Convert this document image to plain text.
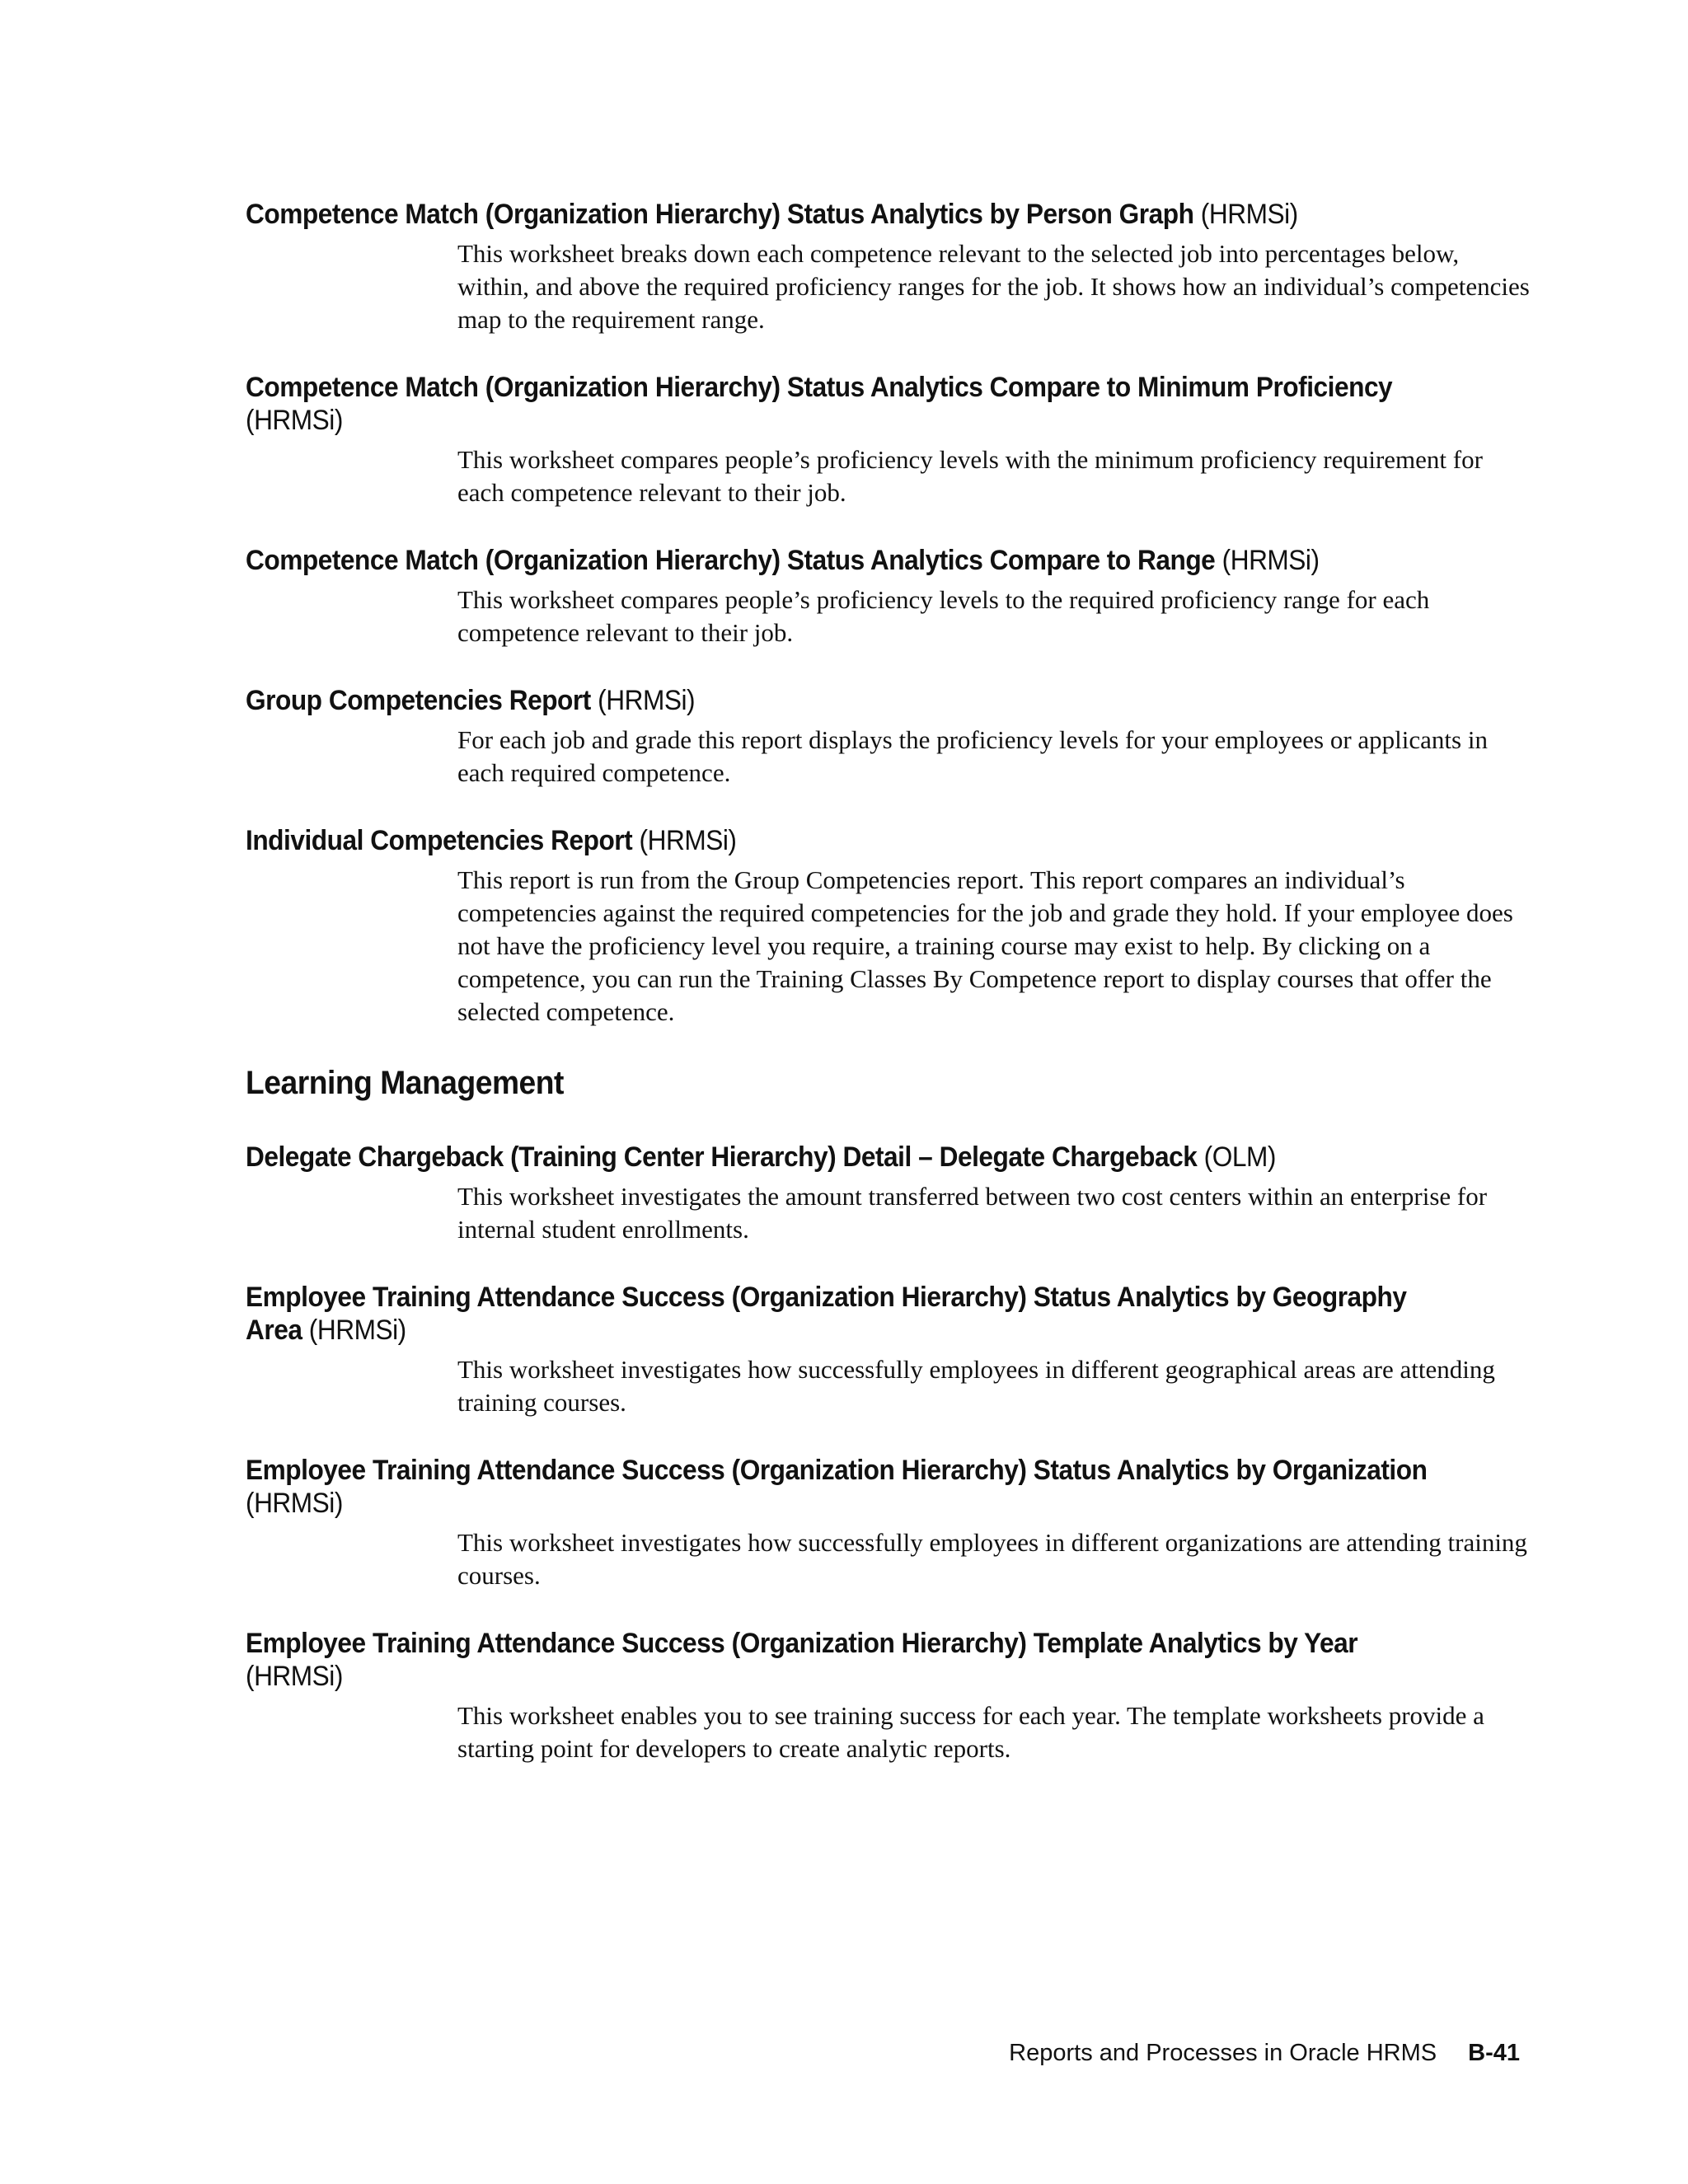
Competence Match (Organization Hierarchy) Status Analytics by Person Graph (HRMSi)
This worksheet breaks down each competence relevant to the selected job into percentages below, within, and above the required proficiency ranges for the job. It shows how an individual’s competencies map to the requirement range.
Competence Match (Organization Hierarchy) Status Analytics Compare to Minimum Proficiency (HRMSi)
This worksheet compares people’s proficiency levels with the minimum proficiency requirement for each competence relevant to their job.
Competence Match (Organization Hierarchy) Status Analytics Compare to Range (HRMSi)
This worksheet compares people’s proficiency levels to the required proficiency range for each competence relevant to their job.
Group Competencies Report (HRMSi)
For each job and grade this report displays the proficiency levels for your employees or applicants in each required competence.
Individual Competencies Report (HRMSi)
This report is run from the Group Competencies report. This report compares an individual’s competencies against the required competencies for the job and grade they hold. If your employee does not have the proficiency level you require, a training course may exist to help. By clicking on a competence, you can run the Training Classes By Competence report to display courses that offer the selected competence.
Learning Management
Delegate Chargeback (Training Center Hierarchy) Detail – Delegate Chargeback (OLM)
This worksheet investigates the amount transferred between two cost centers within an enterprise for internal student enrollments.
Employee Training Attendance Success (Organization Hierarchy) Status Analytics by Geography Area (HRMSi)
This worksheet investigates how successfully employees in different geographical areas are attending training courses.
Employee Training Attendance Success (Organization Hierarchy) Status Analytics by Organization (HRMSi)
This worksheet investigates how successfully employees in different organizations are attending training courses.
Employee Training Attendance Success (Organization Hierarchy) Template Analytics by Year (HRMSi)
This worksheet enables you to see training success for each year. The template worksheets provide a starting point for developers to create analytic reports.
Reports and Processes in Oracle HRMS B-41
